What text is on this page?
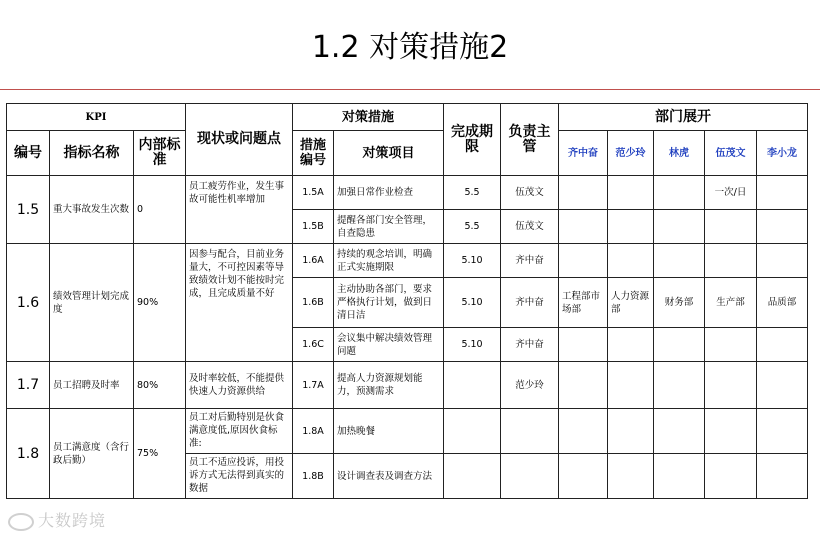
1.2 对策措施2
KPI			现状或问题点	对策措施		完成期限	负责主管	部门展开				
编号	指标名称	内部标准		措施编号	对策项目			齐中奋	范少玲	林虎	伍茂文	李小龙
1.5	重大事故发生次数	0	员工疲劳作业，发生事故可能性机率增加	1.5A	加强日常作业检查	5.5	伍茂文				一次/日	
				1.5B	提醒各部门安全管理，自查隐患	5.5	伍茂文					
1.6	绩效管理计划完成度	90%	因参与配合，目前业务量大，不可控因素等导致绩效计划不能按时完成，且完成质量不好	1.6A	持续的观念培训，明确正式实施期限	5.10	齐中奋					
				1.6B	主动协助各部门，要求严格执行计划，做到日清日洁	5.10	齐中奋	工程部市场部	人力资源部	财务部	生产部	品质部
				1.6C	会议集中解决绩效管理问题	5.10	齐中奋					
1.7	员工招聘及时率	80%	及时率较低，不能提供快速人力资源供给	1.7A	提高人力资源规划能力，预测需求		范少玲					
1.8	员工满意度（含行政后勤）	75%	员工对后勤特别是伙食满意度低,原因伙食标准:	1.8A	加热晚餐							
			员工不适应投诉，用投诉方式无法得到真实的数据	1.8B	设计调查表及调查方法							
大数跨境
